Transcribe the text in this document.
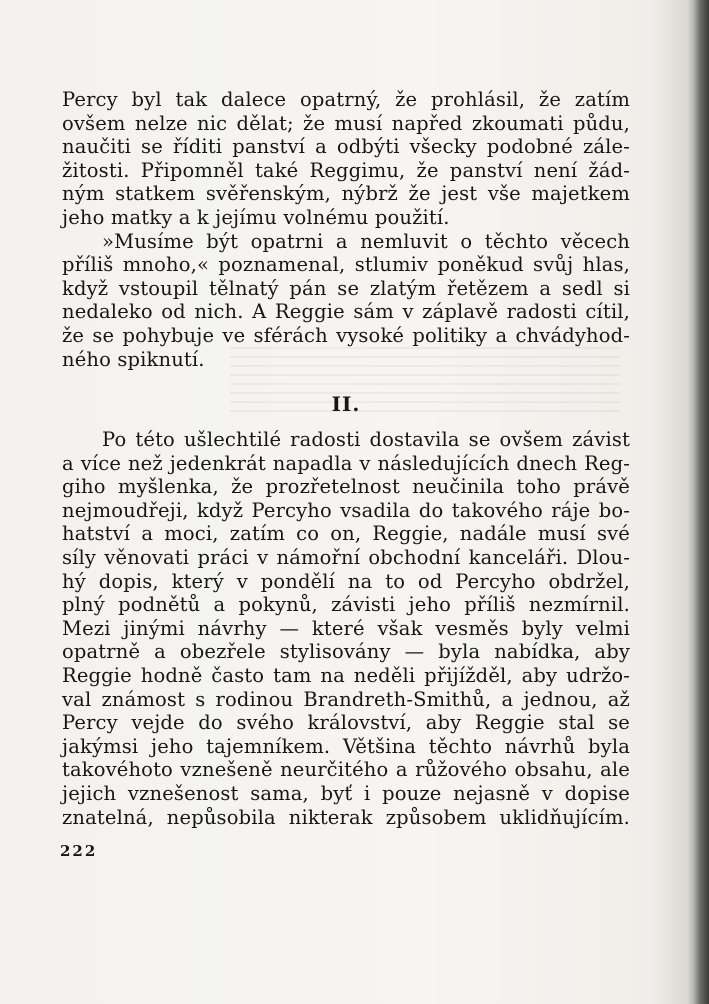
Percy byl tak dalece opatrný, že prohlásil, že zatím
ovšem nelze nic dělat; že musí napřed zkoumati půdu,
naučiti se říditi panství a odbýti všecky podobné zále-
žitosti. Připomněl také Reggimu, že panství není žád-
ným statkem svěřenským, nýbrž že jest vše majetkem
jeho matky a k jejímu volnému použití.
»Musíme být opatrni a nemluvit o těchto věcech
příliš mnoho,« poznamenal, stlumiv poněkud svůj hlas,
když vstoupil tělnatý pán se zlatým řetězem a sedl si
nedaleko od nich. A Reggie sám v záplavě radosti cítil,
že se pohybuje ve sférách vysoké politiky a chvádyhod-
ného spiknutí.
II.
Po této ušlechtilé radosti dostavila se ovšem závist
a více než jedenkrát napadla v následujících dnech Reg-
giho myšlenka, že prozřetelnost neučinila toho právě
nejmoudřeji, když Percyho vsadila do takového ráje bo-
hatství a moci, zatím co on, Reggie, nadále musí své
síly věnovati práci v námořní obchodní kanceláři. Dlou-
hý dopis, který v pondělí na to od Percyho obdržel,
plný podnětů a pokynů, závisti jeho příliš nezmírnil.
Mezi jinými návrhy — které však vesměs byly velmi
opatrně a obezřele stylisovány — byla nabídka, aby
Reggie hodně často tam na neděli přijížděl, aby udržo-
val známost s rodinou Brandreth-Smithů, a jednou, až
Percy vejde do svého království, aby Reggie stal se
jakýmsi jeho tajemníkem. Většina těchto návrhů byla
takovéhoto vznešeně neurčitého a růžového obsahu, ale
jejich vznešenost sama, byť i pouze nejasně v dopise
znatelná, nepůsobila nikterak způsobem uklidňujícím.
222
